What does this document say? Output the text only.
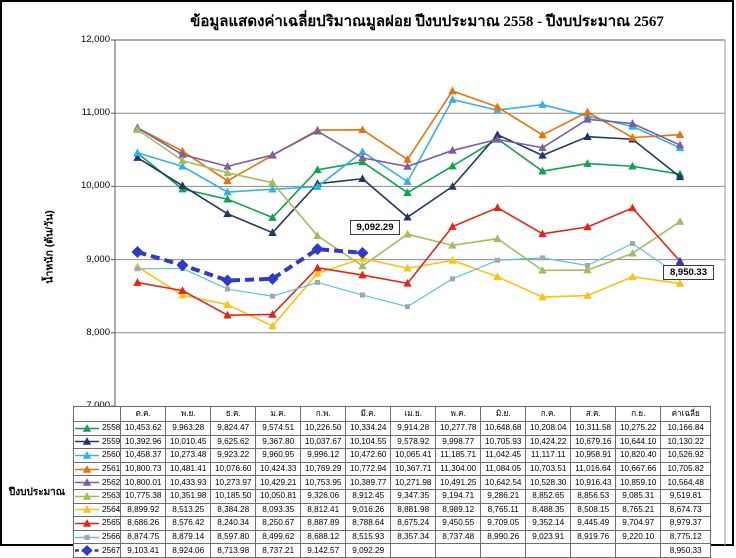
ข้อมูลแสดงค่าเฉลี่ยปริมาณมูลฝอย ปีงบประมาณ 2558 - ปีงบประมาณ 2567
น้ำหนัก (ตัน/วัน)
12,000
11,000
10,000
9,000
8,000
9,092.29
8,950.33
ปีงบประมาณ
	ต.ค.	พ.ย.	ธ.ค.	ม.ค.	ก.พ.	มี.ค.	เม.ย.	พ.ค.	มิ.ย.	ก.ค.	ส.ค.	ก.ย.	ค่าเฉลี่ย

2558	10,453.62	9,963.28	9,824.47	9,574.51	10,226.50	10,334.24	9,914.28	10,277.78	10,648.68	10,208.04	10,311.58	10,275.22	10,166.84

2559	10,392.96	10,010.45	9,625.62	9,367.80	10,037.67	10,104.55	9,578.92	9,998.77	10,705.93	10,424.22	10,679.16	10,644.10	10,130.22

2560	10,458.37	10,273.48	9,923.22	9,960.95	9,996.12	10,472.60	10,065.41	11,185.71	11,042.45	11,117.11	10,958.91	10,820.40	10,526.92

2561	10,800.73	10,481.41	10,076.60	10,424.33	10,769.29	10,772.94	10,367.71	11,304.00	11,084.05	10,703.51	11,016.64	10,667.66	10,705.82

2562	10,800.01	10,433.93	10,273.97	10,429.21	10,753.95	10,389.77	10,271.98	10,491.25	10,642.54	10,528.30	10,916.43	10,859.10	10,564.48

2563	10,775.38	10,351.98	10,185.50	10,050.81	9,326.06	8,912.45	9,347.35	9,194.71	9,286.21	8,852.65	8,856.53	9,085.31	9,519.81

2564	8,899.92	8,513.25	8,384.28	8,093.35	8,812.41	9,016.26	8,881.98	8,989.12	8,765.11	8,488.35	8,508.15	8,765.21	8,674.73

2565	8,686.26	8,576.42	8,240.34	8,250.67	8,887.89	8,788.64	8,675.24	9,450.55	9,709.05	9,352.14	9,445.49	9,704.97	8,979.37

2566	8,874.75	8,879.14	8,597.80	8,499.62	8,688.12	8,515.93	8,357.34	8,737.48	8,990.26	9,023.91	8,919.76	9,220.10	8,775.12

2567	9,103.41	8,924.06	8,713.98	8,737.21	9,142.57	9,092.29							8,950.33
